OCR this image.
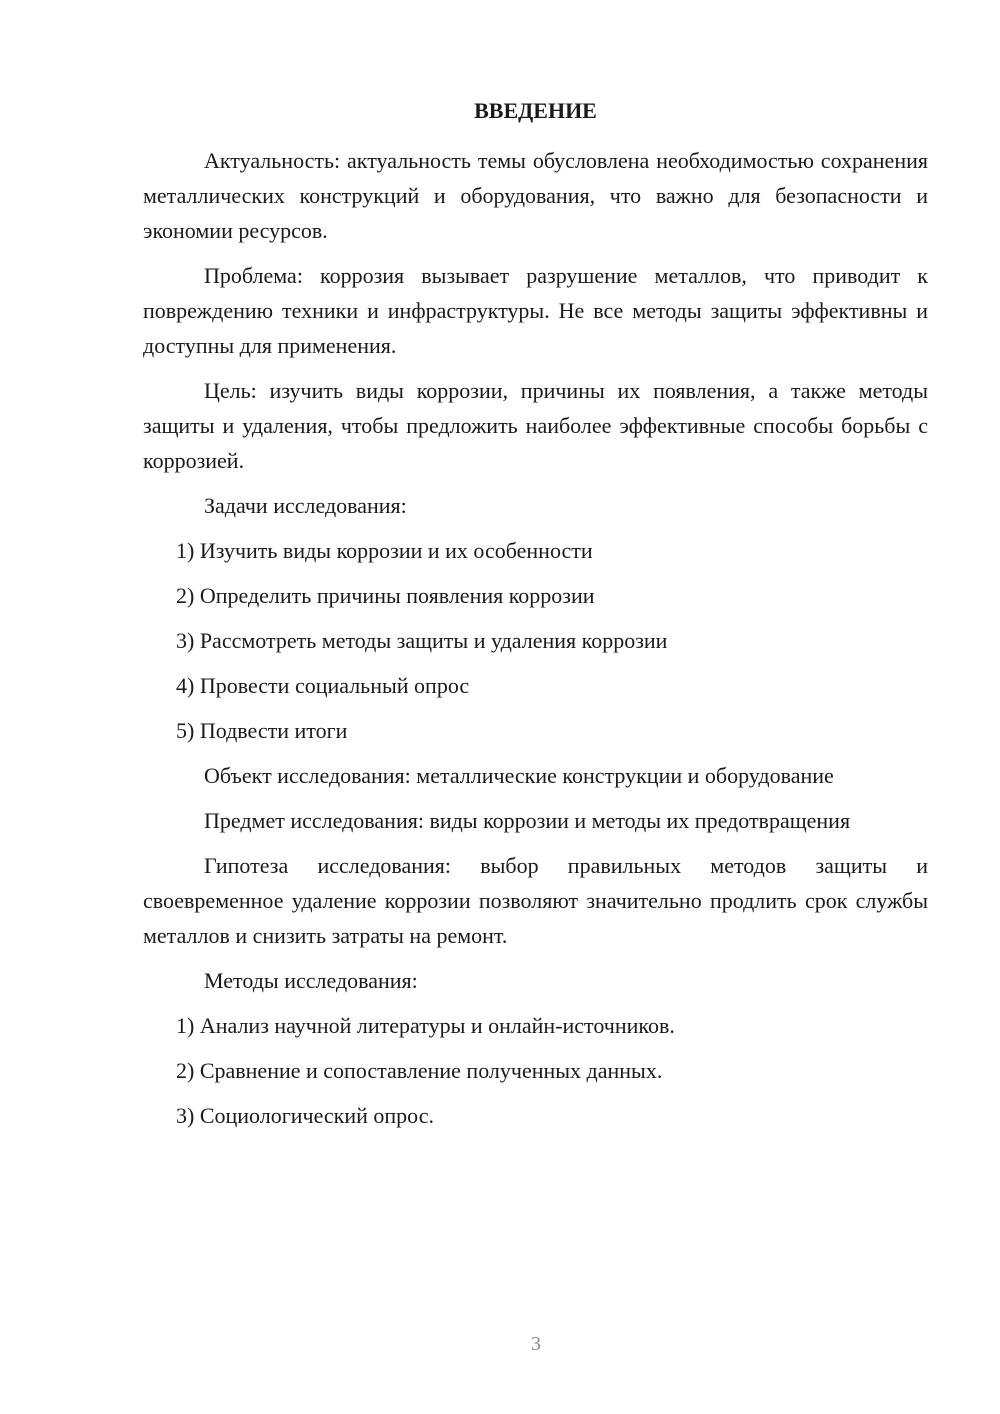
ВВЕДЕНИЕ

Актуальность: актуальность темы обусловлена необходимостью сохранения металлических конструкций и оборудования, что важно для безопасности и экономии ресурсов.

Проблема: коррозия вызывает разрушение металлов, что приводит к повреждению техники и инфраструктуры. Не все методы защиты эффективны и доступны для применения.

Цель: изучить виды коррозии, причины их появления, а также методы защиты и удаления, чтобы предложить наиболее эффективные способы борьбы с коррозией.

Задачи исследования:

1) Изучить виды коррозии и их особенности

2) Определить причины появления коррозии

3) Рассмотреть методы защиты и удаления коррозии

4) Провести социальный опрос

5) Подвести итоги

Объект исследования: металлические конструкции и оборудование

Предмет исследования: виды коррозии и методы их предотвращения

Гипотеза исследования: выбор правильных методов защиты и своевременное удаление коррозии позволяют значительно продлить срок службы металлов и снизить затраты на ремонт.

Методы исследования:

1) Анализ научной литературы и онлайн-источников.

2) Сравнение и сопоставление полученных данных.

3) Социологический опрос.

3
